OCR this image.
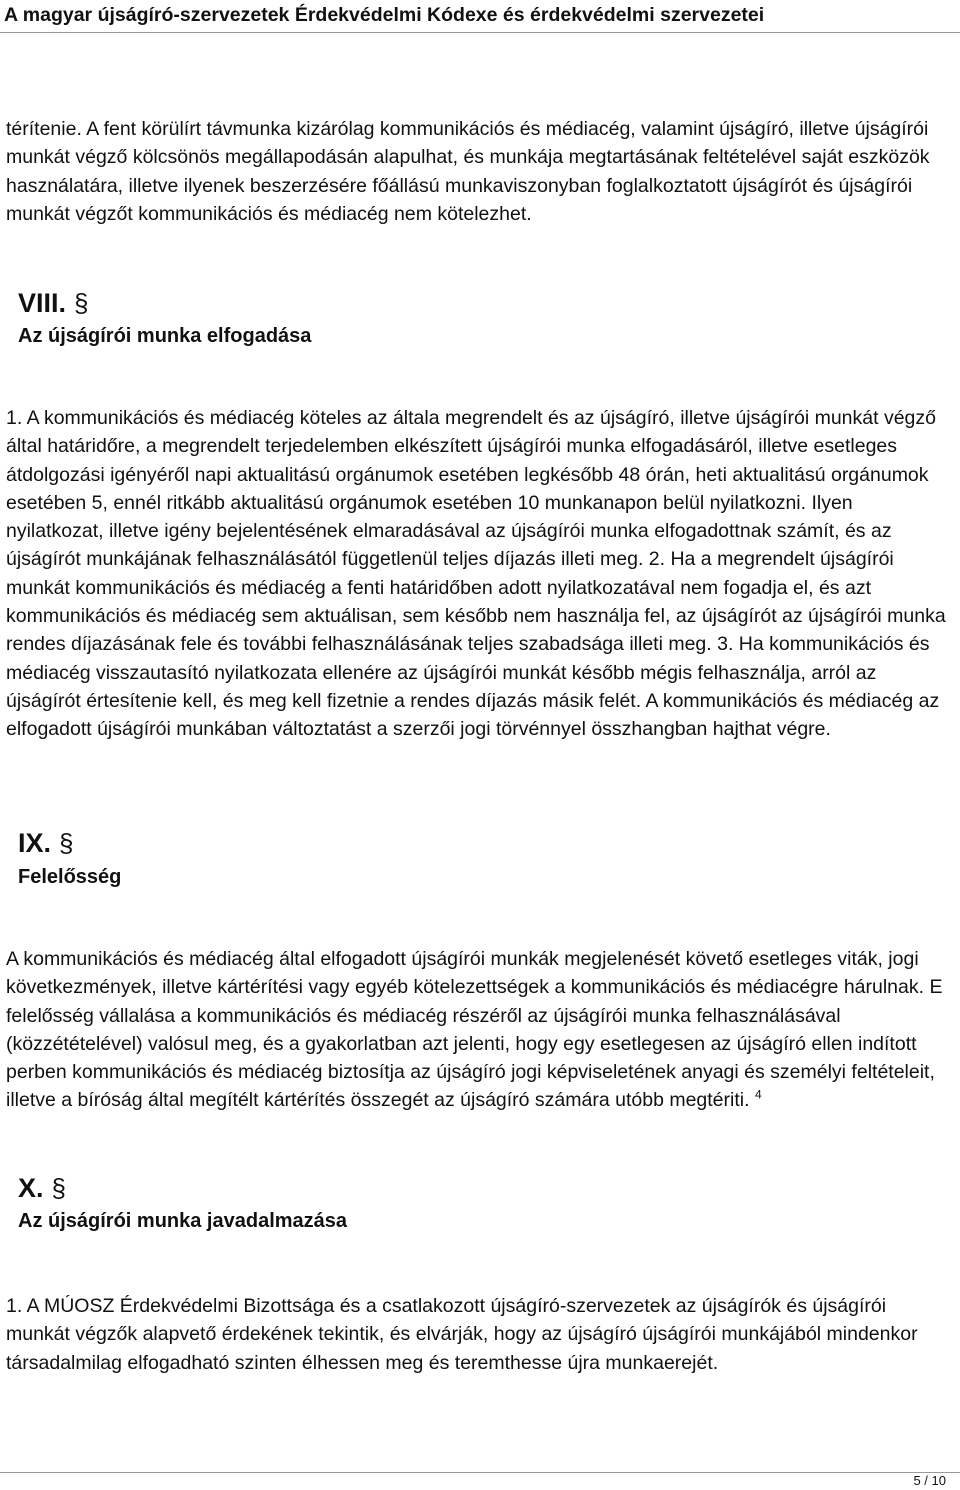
A magyar újságíró-szervezetek Érdekvédelmi Kódexe és érdekvédelmi szervezetei

térítenie. A fent körülírt távmunka kizárólag kommunikációs és médiacég, valamint újságíró, illetve újságírói munkát végző kölcsönös megállapodásán alapulhat, és munkája megtartásának feltételével saját eszközök használatára, illetve ilyenek beszerzésére főállású munkaviszonyban foglalkoztatott újságírót és újságírói munkát végzőt kommunikációs és médiacég nem kötelezhet.

VIII. §
Az újságírói munka elfogadása

1. A kommunikációs és médiacég köteles az általa megrendelt és az újságíró, illetve újságírói munkát végző által határidőre, a megrendelt terjedelemben elkészített újságírói munka elfogadásáról, illetve esetleges átdolgozási igényéről napi aktualitású orgánumok esetében legkésőbb 48 órán, heti aktualitású orgánumok esetében 5, ennél ritkább aktualitású orgánumok esetében 10 munkanapon belül nyilatkozni. Ilyen nyilatkozat, illetve igény bejelentésének elmaradásával az újságírói munka elfogadottnak számít, és az újságírót munkájának felhasználásától függetlenül teljes díjazás illeti meg. 2. Ha a megrendelt újságírói munkát kommunikációs és médiacég a fenti határidőben adott nyilatkozatával nem fogadja el, és azt kommunikációs és médiacég sem aktuálisan, sem később nem használja fel, az újságírót az újságírói munka rendes díjazásának fele és további felhasználásának teljes szabadsága illeti meg. 3. Ha kommunikációs és médiacég visszautasító nyilatkozata ellenére az újságírói munkát később mégis felhasználja, arról az újságírót értesítenie kell, és meg kell fizetnie a rendes díjazás másik felét. A kommunikációs és médiacég az elfogadott újságírói munkában változtatást a szerzői jogi törvénnyel összhangban hajthat végre.

IX. §
Felelősség

A kommunikációs és médiacég által elfogadott újságírói munkák megjelenését követő esetleges viták, jogi következmények, illetve kártérítési vagy egyéb kötelezettségek a kommunikációs és médiacégre hárulnak. E felelősség vállalása a kommunikációs és médiacég részéről az újságírói munka felhasználásával (közzétételével) valósul meg, és a gyakorlatban azt jelenti, hogy egy esetlegesen az újságíró ellen indított perben kommunikációs és médiacég biztosítja az újságíró jogi képviseletének anyagi és személyi feltételeit, illetve a bíróság által megítélt kártérítés összegét az újságíró számára utóbb megtériti. $^4$

X. §
Az újságírói munka javadalmazása

1. A MÚOSZ Érdekvédelmi Bizottsága és a csatlakozott újságíró-szervezetek az újságírók és újságírói munkát végzők alapvető érdekének tekintik, és elvárják, hogy az újságíró újságírói munkájából mindenkor társadalmilag elfogadható szinten élhessen meg és teremthesse újra munkaerejét.

5 / 10
